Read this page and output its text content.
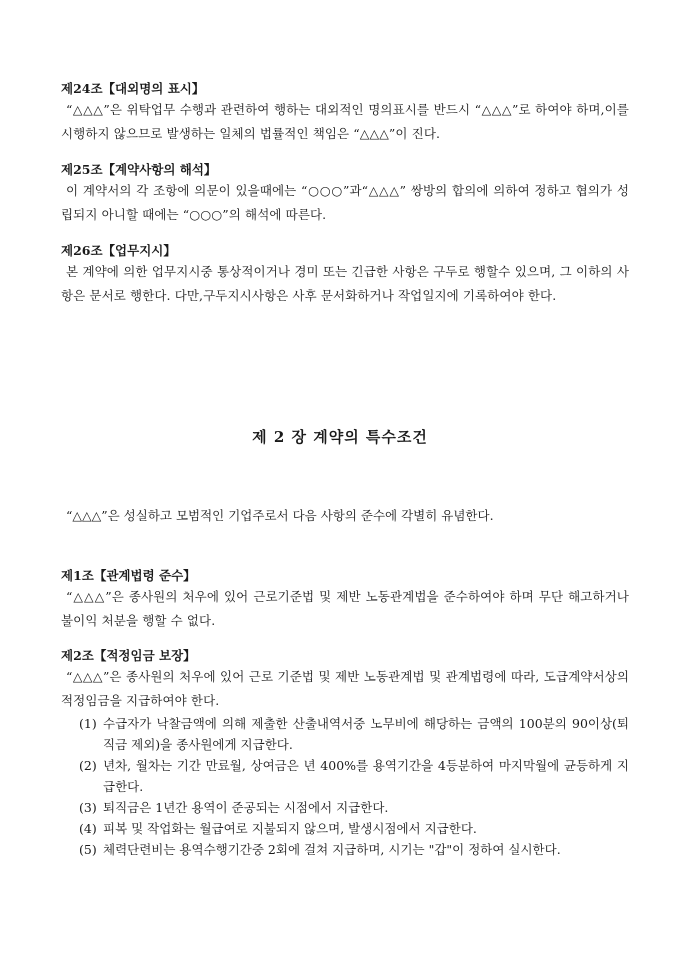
제24조【대외명의 표시】
“△△△”은 위탁업무 수행과 관련하여 행하는 대외적인 명의표시를 반드시 “△△△”로 하여야 하며,이를 시행하지 않으므로 발생하는 일체의 법률적인 책임은 “△△△”이 진다.
제25조【계약사항의 해석】
이 계약서의 각 조항에 의문이 있을때에는 “○○○”과“△△△” 쌍방의 합의에 의하여 정하고 협의가 성립되지 아니할 때에는 “○○○”의 해석에 따른다.
제26조【업무지시】
본 계약에 의한 업무지시중 통상적이거나 경미 또는 긴급한 사항은 구두로 행할수 있으며, 그 이하의 사항은 문서로 행한다. 다만,구두지시사항은 사후 문서화하거나 작업일지에 기록하여야 한다.
제 2 장 계약의 특수조건
“△△△”은 성실하고 모범적인 기업주로서 다음 사항의 준수에 각별히 유념한다.
제1조【관계법령 준수】
“△△△”은 종사원의 처우에 있어 근로기준법 및 제반 노동관계법을 준수하여야 하며 무단 해고하거나 불이익 처분을 행할 수 없다.
제2조【적정임금 보장】
“△△△”은 종사원의 처우에 있어 근로 기준법 및 제반 노동관계법 및 관계법령에 따라, 도급계약서상의 적정임금을 지급하여야 한다.
(1) 수급자가 낙찰금액에 의해 제출한 산출내역서중 노무비에 해당하는 금액의 100분의 90이상(퇴직금 제외)을 종사원에게 지급한다.
(2) 년차, 월차는 기간 만료월, 상여금은 년 400%를 용역기간을 4등분하여 마지막월에 균등하게 지급한다.
(3) 퇴직금은 1년간 용역이 준공되는 시점에서 지급한다.
(4) 피복 및 작업화는 월급여로 지불되지 않으며, 발생시점에서 지급한다.
(5) 체력단련비는 용역수행기간중 2회에 걸쳐 지급하며, 시기는 "갑"이 정하여 실시한다.
